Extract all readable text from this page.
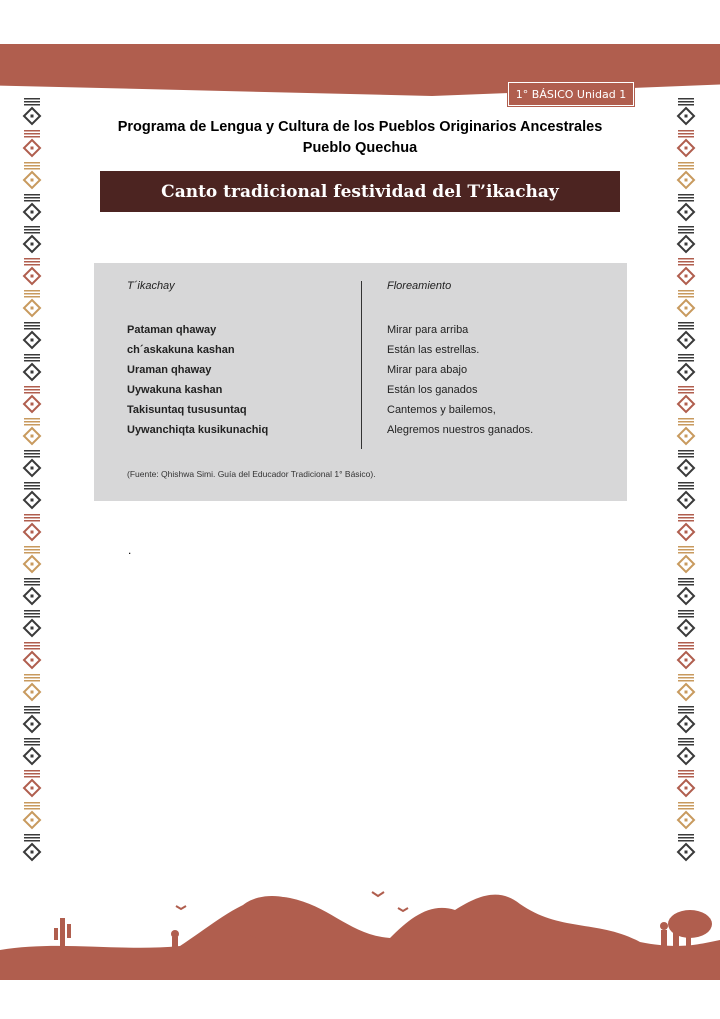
1° BÁSICO Unidad 1
Programa de Lengua y Cultura de los Pueblos Originarios Ancestrales
Pueblo Quechua
Canto tradicional festividad del T’ikachay
T´ikachay	Floreamiento
Pataman qhaway
ch´askakuna kashan
Uraman qhaway
Uywakuna kashan
Takisuntaq tususuntaq
Uywanchiqta kusikunachiq
Mirar para arriba
Están las estrellas.
Mirar para abajo
Están los ganados
Cantemos y bailemos,
Alegremos nuestros ganados.
(Fuente: Qhishwa Simi. Guía del Educador Tradicional 1° Básico).
.
